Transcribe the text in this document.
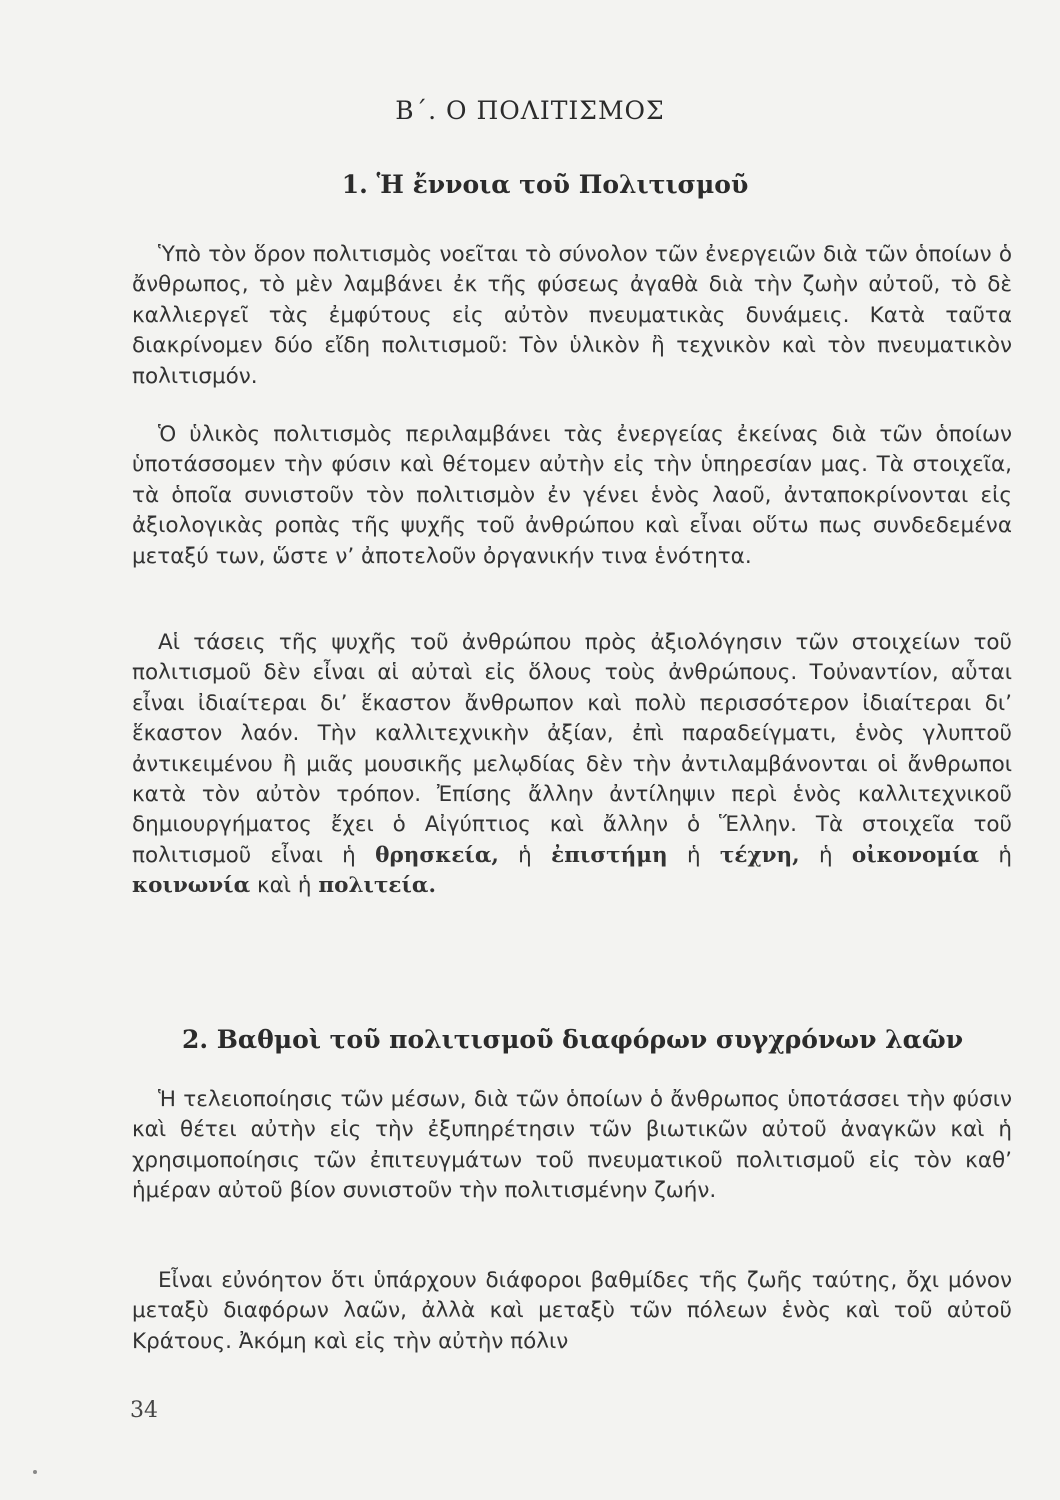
Β΄. Ο ΠΟΛΙΤΙΣΜΟΣ
1. Ἡ ἔννοια τοῦ Πολιτισμοῦ

Ὑπὸ τὸν ὅρον πολιτισμὸς νοεῖται τὸ σύνολον τῶν ἐνεργειῶν διὰ τῶν ὁποίων ὁ ἄνθρωπος, τὸ μὲν λαμβάνει ἐκ τῆς φύσεως ἀγαθὰ διὰ τὴν ζωὴν αὐτοῦ, τὸ δὲ καλλιεργεῖ τὰς ἐμφύτους εἰς αὐτὸν πνευματικὰς δυνάμεις. Κατὰ ταῦτα διακρίνομεν δύο εἴδη πολιτισμοῦ: Τὸν ὑλικὸν ἢ τεχνικὸν καὶ τὸν πνευματικὸν πολιτισμόν.

Ὁ ὑλικὸς πολιτισμὸς περιλαμβάνει τὰς ἐνεργείας ἐκείνας διὰ τῶν ὁποίων ὑποτάσσομεν τὴν φύσιν καὶ θέτομεν αὐτὴν εἰς τὴν ὑπηρεσίαν μας. Τὰ στοιχεῖα, τὰ ὁποῖα συνιστοῦν τὸν πολιτισμὸν ἐν γένει ἑνὸς λαοῦ, ἀνταποκρίνονται εἰς ἀξιολογικὰς ροπὰς τῆς ψυχῆς τοῦ ἀνθρώπου καὶ εἶναι οὕτω πως συνδεδεμένα μεταξύ των, ὥστε ν’ ἀποτελοῦν ὀργανικήν τινα ἑνότητα.

Αἱ τάσεις τῆς ψυχῆς τοῦ ἀνθρώπου πρὸς ἀξιολόγησιν τῶν στοιχείων τοῦ πολιτισμοῦ δὲν εἶναι αἱ αὐταὶ εἰς ὅλους τοὺς ἀνθρώπους. Τοὐναντίον, αὗται εἶναι ἰδιαίτεραι δι’ ἕκαστον ἄνθρωπον καὶ πολὺ περισσότερον ἰδιαίτεραι δι’ ἕκαστον λαόν. Τὴν καλλιτεχνικὴν ἀξίαν, ἐπὶ παραδείγματι, ἑνὸς γλυπτοῦ ἀντικειμένου ἢ μιᾶς μουσικῆς μελῳδίας δὲν τὴν ἀντιλαμβάνονται οἱ ἄνθρωποι κατὰ τὸν αὐτὸν τρόπον. Ἐπίσης ἄλλην ἀντίληψιν περὶ ἑνὸς καλλιτεχνικοῦ δημιουργήματος ἔχει ὁ Αἰγύπτιος καὶ ἄλλην ὁ Ἕλλην. Τὰ στοιχεῖα τοῦ πολιτισμοῦ εἶναι ἡ θρησκεία, ἡ ἐπιστήμη ἡ τέχνη, ἡ οἰκονομία ἡ κοινωνία καὶ ἡ πολιτεία.

2. Βαθμοὶ τοῦ πολιτισμοῦ διαφόρων συγχρόνων λαῶν

Ἡ τελειοποίησις τῶν μέσων, διὰ τῶν ὁποίων ὁ ἄνθρωπος ὑποτάσσει τὴν φύσιν καὶ θέτει αὐτὴν εἰς τὴν ἐξυπηρέτησιν τῶν βιωτικῶν αὐτοῦ ἀναγκῶν καὶ ἡ χρησιμοποίησις τῶν ἐπιτευγμάτων τοῦ πνευματικοῦ πολιτισμοῦ εἰς τὸν καθ’ ἡμέραν αὐτοῦ βίον συνιστοῦν τὴν πολιτισμένην ζωήν.

Εἶναι εὐνόητον ὅτι ὑπάρχουν διάφοροι βαθμίδες τῆς ζωῆς ταύτης, ὄχι μόνον μεταξὺ διαφόρων λαῶν, ἀλλὰ καὶ μεταξὺ τῶν πόλεων ἑνὸς καὶ τοῦ αὐτοῦ Κράτους. Ἀκόμη καὶ εἰς τὴν αὐτὴν πόλιν

34
